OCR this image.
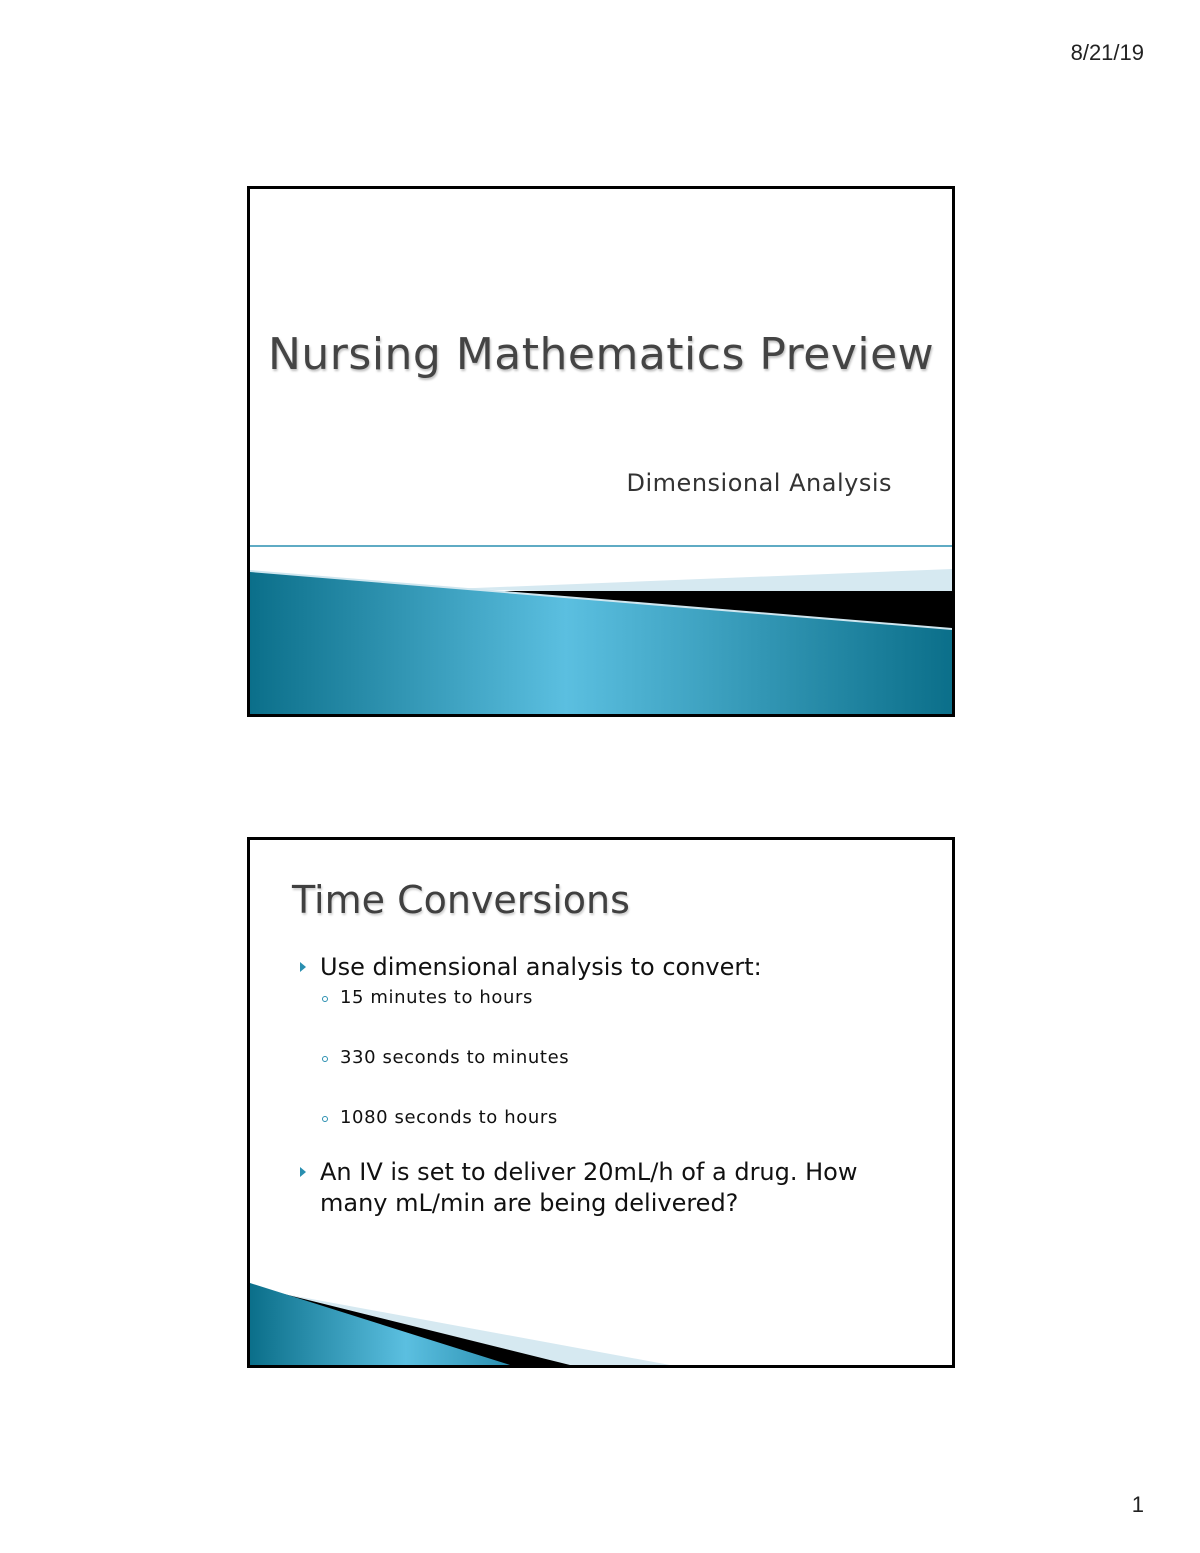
8/21/19
Nursing Mathematics Preview
Dimensional Analysis
Time Conversions
Use dimensional analysis to convert:
15 minutes to hours
330 seconds to minutes
1080 seconds to hours
An IV is set to deliver 20mL/h of a drug. How many mL/min are being delivered?
1
